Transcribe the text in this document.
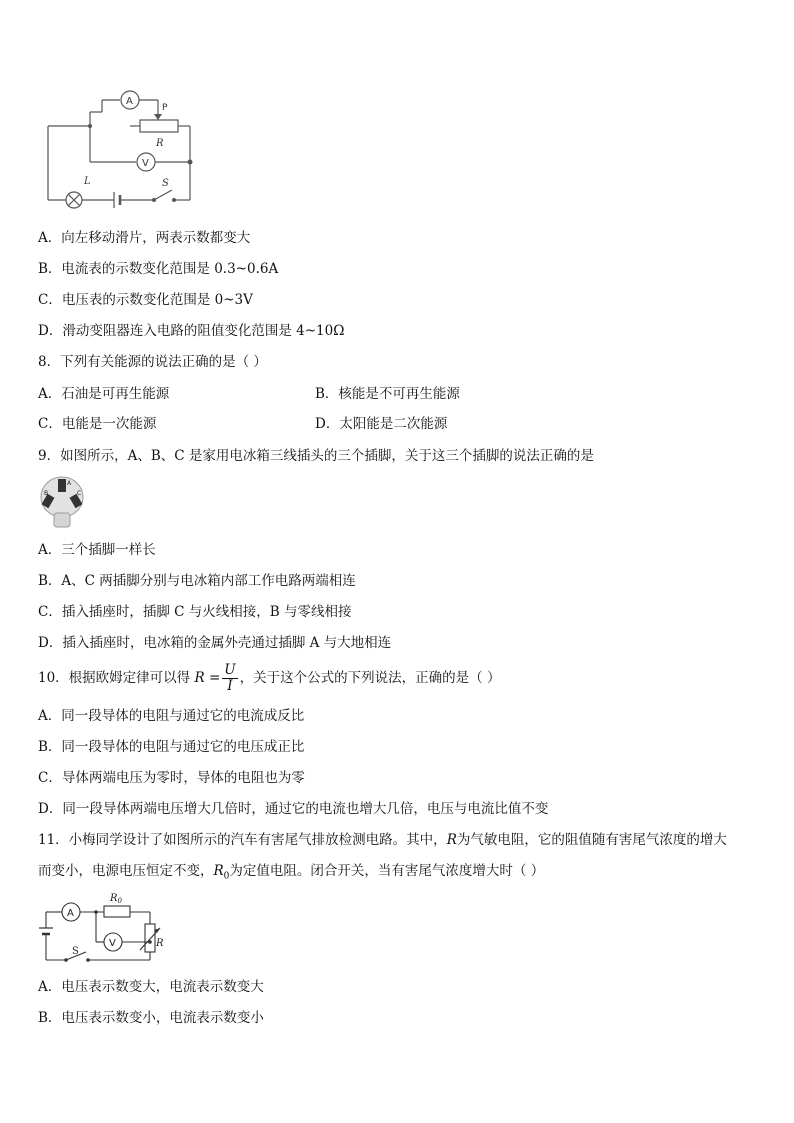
A
P
R
V
L	S
A．向左移动滑片，两表示数都变大
B．电流表的示数变化范围是 0.3~0.6A
C．电压表的示数变化范围是 0~3V
D．滑动变阻器连入电路的阻值变化范围是 4~10Ω
8．下列有关能源的说法正确的是（ ）
A．石油是可再生能源	B．核能是不可再生能源
C．电能是一次能源	D．太阳能是二次能源
9．如图所示，A、B、C 是家用电冰箱三线插头的三个插脚，关于这三个插脚的说法正确的是
A
B	C
A．三个插脚一样长
B．A、C 两插脚分别与电冰箱内部工作电路两端相连
C．插入插座时，插脚 C 与火线相接，B 与零线相接
D．插入插座时，电冰箱的金属外壳通过插脚 A 与大地相连
10．根据欧姆定律可以得 $R = \frac{U}{I}$ ，关于这个公式的下列说法，正确的是（ ）
A．同一段导体的电阻与通过它的电流成反比
B．同一段导体的电阻与通过它的电压成正比
C．导体两端电压为零时，导体的电阻也为零
D．同一段导体两端电压增大几倍时，通过它的电流也增大几倍，电压与电流比值不变
11．小梅同学设计了如图所示的汽车有害尾气排放检测电路。其中，R为气敏电阻，它的阻值随有害尾气浓度的增大
而变小，电源电压恒定不变，$R_0$为定值电阻。闭合开关，当有害尾气浓度增大时（ ）
A
V
$R_0$
R
S
A．电压表示数变大，电流表示数变大
B．电压表示数变小，电流表示数变小
